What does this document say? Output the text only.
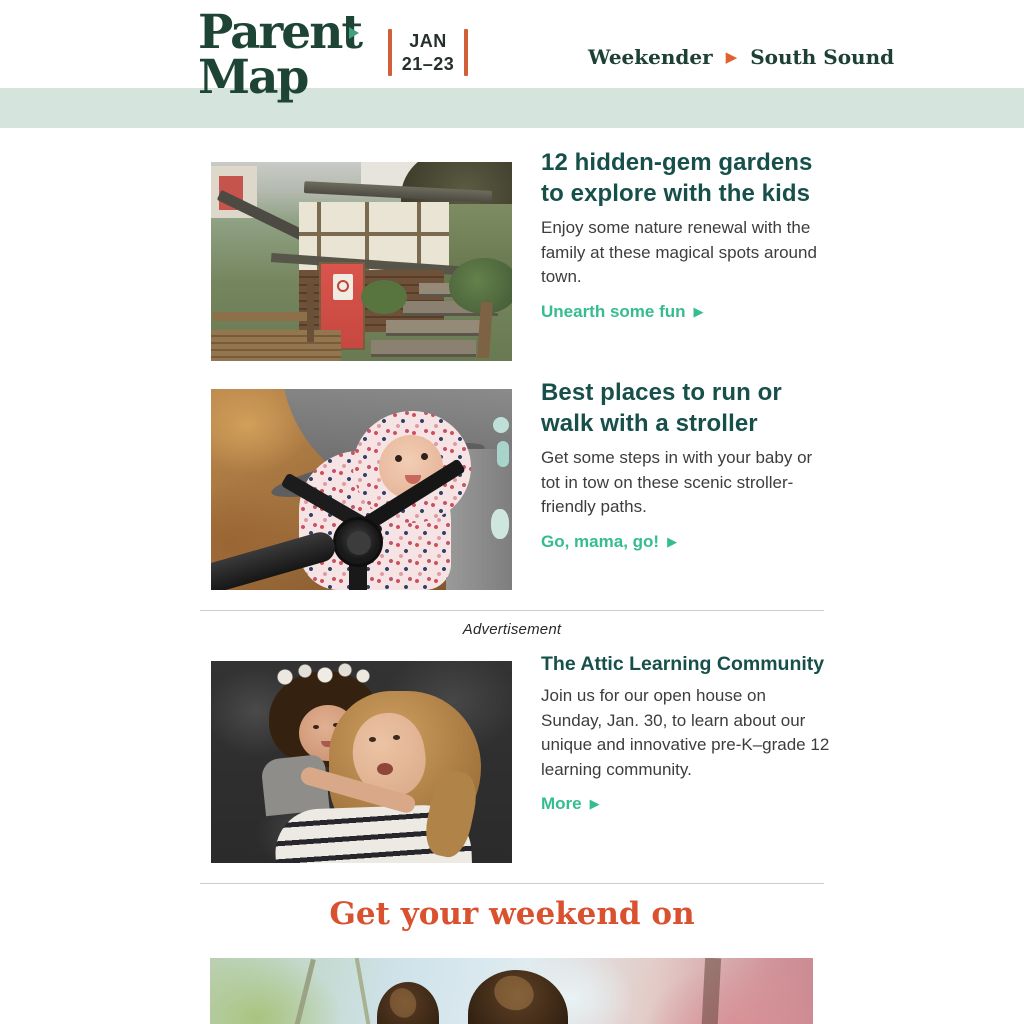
Parent

Map
JAN
21–23	Weekender ▶ South Sound
12 hidden-gem gardens to explore with the kids

Enjoy some nature renewal with the family at these magical spots around town.

Unearth some fun ▶
Best places to run or walk with a stroller

Get some steps in with your baby or tot in tow on these scenic stroller-friendly paths.

Go, mama, go! ▶
Advertisement
The Attic Learning Community

Join us for our open house on Sunday, Jan. 30, to learn about our unique and innovative pre-K–grade 12 learning community.

More ▶
Get your weekend on
